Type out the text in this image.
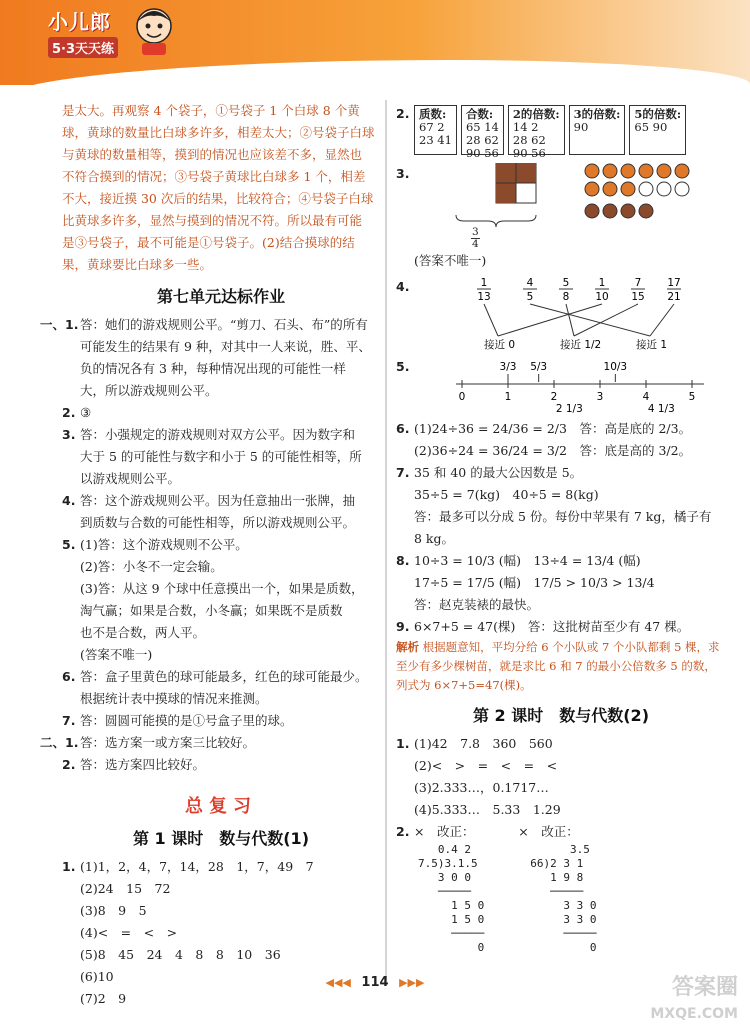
小儿郎
5·3天天练
是太大。再观察 4 个袋子，①号袋子 1 个白球 8 个黄
球，黄球的数量比白球多许多，相差太大；②号袋子白球
与黄球的数量相等，摸到的情况也应该差不多，显然也
不符合摸到的情况；③号袋子黄球比白球多 1 个，相差
不大，接近摸 30 次后的结果，比较符合；④号袋子白球
比黄球多许多，显然与摸到的情况不符。所以最有可能
是③号袋子，最不可能是①号袋子。(2)结合摸球的结
果，黄球要比白球多一些。
第七单元达标作业
一、1. 答：她们的游戏规则公平。“剪刀、石头、布”的所有
可能发生的结果有 9 种，对其中一人来说，胜、平、
负的情况各有 3 种，每种情况出现的可能性一样
大，所以游戏规则公平。
2. ③
3. 答：小强规定的游戏规则对双方公平。因为数字和
大于 5 的可能性与数字和小于 5 的可能性相等，所
以游戏规则公平。
4. 答：这个游戏规则公平。因为任意抽出一张牌，抽
到质数与合数的可能性相等，所以游戏规则公平。
5. (1)答：这个游戏规则不公平。
(2)答：小冬不一定会输。
(3)答：从这 9 个球中任意摸出一个，如果是质数，
淘气赢；如果是合数，小冬赢；如果既不是质数
也不是合数，两人平。
(答案不唯一)
6. 答：盒子里黄色的球可能最多，红色的球可能最少。
根据统计表中摸球的情况来推测。
7. 答：圆圆可能摸的是①号盒子里的球。
二、1. 答：选方案一或方案三比较好。
2. 答：选方案四比较好。
总复习
第 1 课时　数与代数(1)
1. (1)1，2，4，7，14，28　1，7，49　7
(2)24　15　72
(3)8　9　5
(4)<　=　<　>
(5)8　45　24　4　8　8　10　36
(6)10
(7)2　9
2. 质数:
67 2
23 41
合数:
65 14
28 62
90 56
2的倍数:
14 2
28 62
90 56
3的倍数:
90
5的倍数:
65 90
3.
$\frac{3}{4}$
(答案不唯一)
4.	1
13
4
5
5
8
1
10
7
15
17
21
接近 0	接近 1/2	接近 1
5.
0	1	2	3	4	5
3/3 5/3	10/3
2 1/3	4 1/3
6. (1)24÷36 = 24/36 = 2/3　答：高是底的 2/3。
(2)36÷24 = 36/24 = 3/2　答：底是高的 3/2。
7. 35 和 40 的最大公因数是 5。
35÷5 = 7(kg)　40÷5 = 8(kg)
答：最多可以分成 5 份。每份中苹果有 7 kg，橘子有
8 kg。
8. 10÷3 = 10/3 (幅)　13÷4 = 13/4 (幅)
17÷5 = 17/5 (幅)　17/5 > 10/3 > 13/4
答：赵克装裱的最快。
9. 6×7+5 = 47(棵)　答：这批树苗至少有 47 棵。
解析 根据题意知，平均分给 6 个小队或 7 个小队都剩 5 棵，求至少有多少棵树苗，就是求比 6 和 7 的最小公倍数多 5 的数，列式为 6×7+5=47(棵)。
第 2 课时　数与代数(2)
1. (1)42　7.8　360　560
(2)<　>　=　<　=　<
(3)2.333…，0.1717…
(4)5.333…　5.33　1.29
2. ×　改正：　　　　×　改正：
0.4 2
7.5)3.1.5
3 0 0
─────
1 5 0
1 5 0
─────
0
3.5
66)2 3 1
1 9 8
─────
3 3 0
3 3 0
─────
0
◀◀◀ 114 ▶▶▶	答案圈
MXQE.COM
